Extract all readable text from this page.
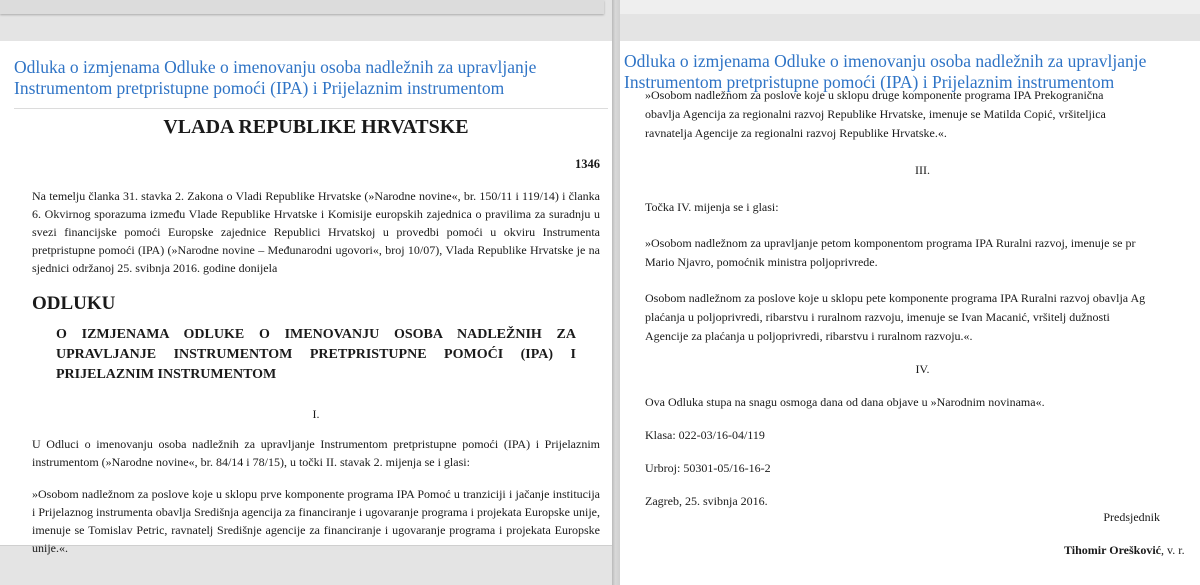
Odluka o izmjenama Odluke o imenovanju osoba nadležnih za upravljanje Instrumentom pretpristupne pomoći (IPA) i Prijelaznim instrumentom
VLADA REPUBLIKE HRVATSKE
1346

Na temelju članka 31. stavka 2. Zakona o Vladi Republike Hrvatske (»Narodne novine«, br. 150/11 i 119/14) i članka 6. Okvirnog sporazuma između Vlade Republike Hrvatske i Komisije europskih zajednica o pravilima za suradnju u svezi financijske pomoći Europske zajednice Republici Hrvatskoj u provedbi pomoći u okviru Instrumenta pretpristupne pomoći (IPA) (»Narodne novine – Međunarodni ugovori«, broj 10/07), Vlada Republike Hrvatske je na sjednici održanoj 25. svibnja 2016. godine donijela

ODLUKU

O IZMJENAMA ODLUKE O IMENOVANJU OSOBA NADLEŽNIH ZA UPRAVLJANJE INSTRUMENTOM PRETPRISTUPNE POMOĆI (IPA) I PRIJELAZNIM INSTRUMENTOM

I.

U Odluci o imenovanju osoba nadležnih za upravljanje Instrumentom pretpristupne pomoći (IPA) i Prijelaznim instrumentom (»Narodne novine«, br. 84/14 i 78/15), u točki II. stavak 2. mijenja se i glasi:

»Osobom nadležnom za poslove koje u sklopu prve komponente programa IPA Pomoć u tranziciji i jačanje institucija i Prijelaznog instrumenta obavlja Središnja agencija za financiranje i ugovaranje programa i projekata Europske unije, imenuje se Tomislav Petric, ravnatelj Središnje agencije za financiranje i ugovaranje programa i projekata Europske unije.«.

Odluka o izmjenama Odluke o imenovanju osoba nadležnih za upravljanje Instrumentom pretpristupne pomoći (IPA) i Prijelaznim instrumentom

»Osobom nadležnom za poslove koje u sklopu druge komponente programa IPA Prekogranična

obavlja Agencija za regionalni razvoj Republike Hrvatske, imenuje se Matilda Copić, vršiteljica

ravnatelja Agencije za regionalni razvoj Republike Hrvatske.«.

III.

Točka IV. mijenja se i glasi:

»Osobom nadležnom za upravljanje petom komponentom programa IPA Ruralni razvoj, imenuje se pr

Mario Njavro, pomoćnik ministra poljoprivrede.

Osobom nadležnom za poslove koje u sklopu pete komponente programa IPA Ruralni razvoj obavlja Ag

plaćanja u poljoprivredi, ribarstvu i ruralnom razvoju, imenuje se Ivan Macanić, vršitelj dužnosti

Agencije za plaćanja u poljoprivredi, ribarstvu i ruralnom razvoju.«.

IV.

Ova Odluka stupa na snagu osmoga dana od dana objave u »Narodnim novinama«.

Klasa: 022-03/16-04/119

Urbroj: 50301-05/16-16-2

Zagreb, 25. svibnja 2016.

Predsjednik
Tihomir Orešković, v. r.
